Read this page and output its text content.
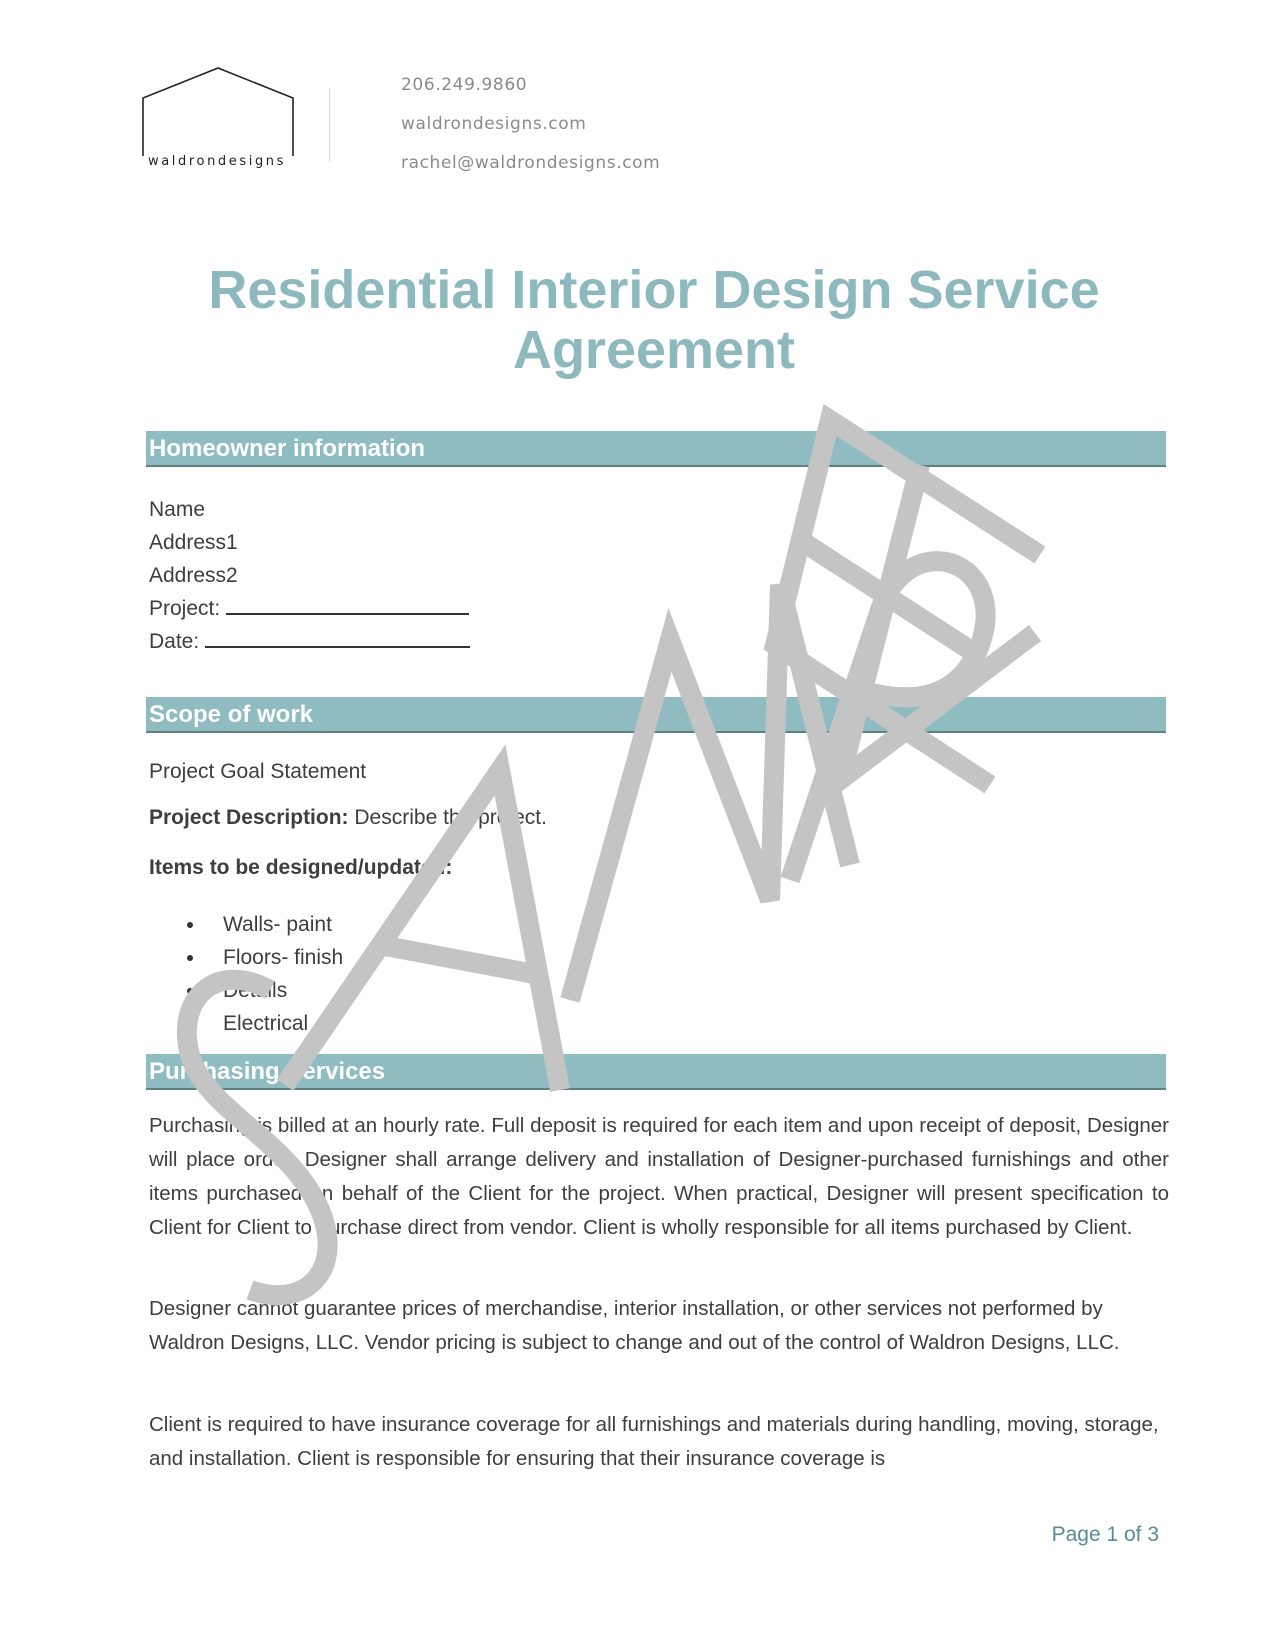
waldrondesigns
206.249.9860
waldrondesigns.com
rachel@waldrondesigns.com
Residential Interior Design Service
Agreement
Homeowner information
Name
Address1
Address2
Project:
Date:
Scope of work
Project Goal Statement
Project Description: Describe the project.
Items to be designed/updated:
Walls- paint
Floors- finish
Details
Electrical
Purchasing Services
Purchasing is billed at an hourly rate. Full deposit is required for each item and upon receipt of deposit, Designer will place order. Designer shall arrange delivery and installation of Designer-purchased furnishings and other items purchased on behalf of the Client for the project. When practical, Designer will present specification to Client for Client to purchase direct from vendor. Client is wholly responsible for all items purchased by Client.
Designer cannot guarantee prices of merchandise, interior installation, or other services not performed by Waldron Designs, LLC. Vendor pricing is subject to change and out of the control of Waldron Designs, LLC.
Client is required to have insurance coverage for all furnishings and materials during handling, moving, storage, and installation. Client is responsible for ensuring that their insurance coverage is
Page 1 of 3
